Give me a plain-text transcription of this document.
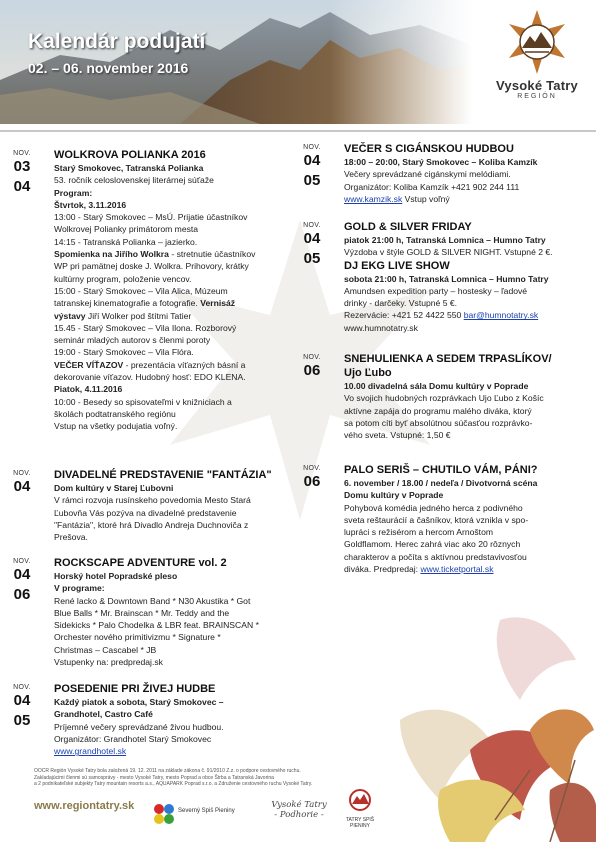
Kalendár podujatí
02. – 06. november 2016
Vysoké Tatry
REGIÓN
NOV.
03
04
WOLKROVA POLIANKA 2016
Starý Smokovec, Tatranská Polianka
53. ročník celoslovenskej literárnej súťaže
Program:
Štvrtok, 3.11.2016
13:00 - Starý Smokovec – MsÚ. Prijatie účastníkov
Wolkrovej Polianky primátorom mesta
14:15 - Tatranská Polianka – jazierko.
Spomienka na Jiřího Wolkra - stretnutie účastníkov
WP pri pamätnej doske J. Wolkra. Prihovory, krátky
kultúrny program, položenie vencov.
15:00 - Starý Smokovec – Vila Alica, Múzeum
tatranskej kinematografie a fotografie. Vernisáž
výstavy Jiří Wolker pod štítmi Tatier
15.45 - Starý Smokovec – Vila Ilona. Rozborový
seminár mladých autorov s členmi poroty
19:00 - Starý Smokovec – Vila Flóra.
VEČER VÍŤAZOV - prezentácia víťazných básní a
dekorovanie víťazov. Hudobný hosť: EDO KLENA.
Piatok, 4.11.2016
10:00 - Besedy so spisovateľmi v knižniciach a
školách podtatranského regiónu
Vstup na všetky podujatia voľný.
NOV.
04
DIVADELNÉ PREDSTAVENIE "FANTÁZIA"
Dom kultúry v Starej Ľubovni
V rámci rozvoja rusínskeho povedomia Mesto Stará
Ľubovňa Vás pozýva na divadelné predstavenie
"Fantázia", ktoré hrá Divadlo Andreja Duchnoviča z
Prešova.
NOV.
04
06
ROCKSCAPE ADVENTURE vol. 2
Horský hotel Popradské pleso
V programe:
René lacko & Downtown Band * N30 Akustika * Got
Blue Balls * Mr. Brainscan * Mr. Teddy and the
Sidekicks * Palo Chodelka & LBR feat. BRAINSCAN *
Orchester nového primitivizmu * Signature *
Christmas – Cascabel * JB
Vstupenky na: predpredaj.sk
NOV.
04
05
POSEDENIE PRI ŽIVEJ HUDBE
Každý piatok a sobota, Starý Smokovec –
Grandhotel, Castro Café
Príjemné večery sprevádzané živou hudbou.
Organizátor: Grandhotel Starý Smokovec
www.grandhotel.sk
NOV.
04
05
VEČER S CIGÁNSKOU HUDBOU
18:00 – 20:00, Starý Smokovec – Koliba Kamzík
Večery sprevádzané cigánskymi melódiami.
Organizátor: Koliba Kamzík +421 902 244 111
www.kamzik.sk Vstup voľný
NOV.
04
05
GOLD & SILVER FRIDAY
piatok 21:00 h, Tatranská Lomnica – Humno Tatry
Výzdoba v štýle GOLD & SILVER NIGHT. Vstupné 2 €.
DJ EKG LIVE SHOW
sobota 21:00 h, Tatranská Lomnica – Humno Tatry
Amundsen expedition party – hostesky – ľadové
drinky - darčeky. Vstupné 5 €.
Rezervácie: +421 52 4422 550 bar@humnotatry.sk
www.humnotatry.sk
NOV.
06
SNEHULIENKA A SEDEM TRPASLÍKOV/
Ujo Ľubo
10.00 divadelná sála Domu kultúry v Poprade
Vo svojich hudobných rozprávkach Ujo Ľubo z Košíc
aktívne zapája do programu malého diváka, ktorý
sa potom cíti byť absolútnou súčasťou rozprávko-
vého sveta. Vstupné: 1,50 €
NOV.
06
PALO SERIŠ – CHUTILO VÁM, PÁNI?
6. november / 18.00 / nedeľa / Divotvorná scéna
Domu kultúry v Poprade
Pohybová komédia jedného herca z podivného
sveta reštaurácií a čašníkov, ktorá vznikla v spo-
lupráci s režisérom a hercom Arnoštom
Goldflamom. Herec zahrá viac ako 20 rôznych
charakterov a počíta s aktívnou predstavivosťou
diváka. Predpredaj: www.ticketportal.sk
OOCR Región Vysoké Tatry bola založená 19. 12. 2011 na základe zákona č. 91/2010 Z.z. o podpore cestovného ruchu.
Zakladajúcimi členmi sú samosprávy - mesto Vysoké Tatry, mesto Poprad a obce Štrba a Tatranská Javorina
a 2 podnikateľské subjekty Tatry mountain resorts a.s., AQUAPARK Poprad s.r.o. a Združenie cestovného ruchu Vysoké Tatry.
www.regiontatry.sk	Severný Spiš Pieniny
Vysoké Tatry
- Podhorie -	TATRY SPIŠ
PIENINY
